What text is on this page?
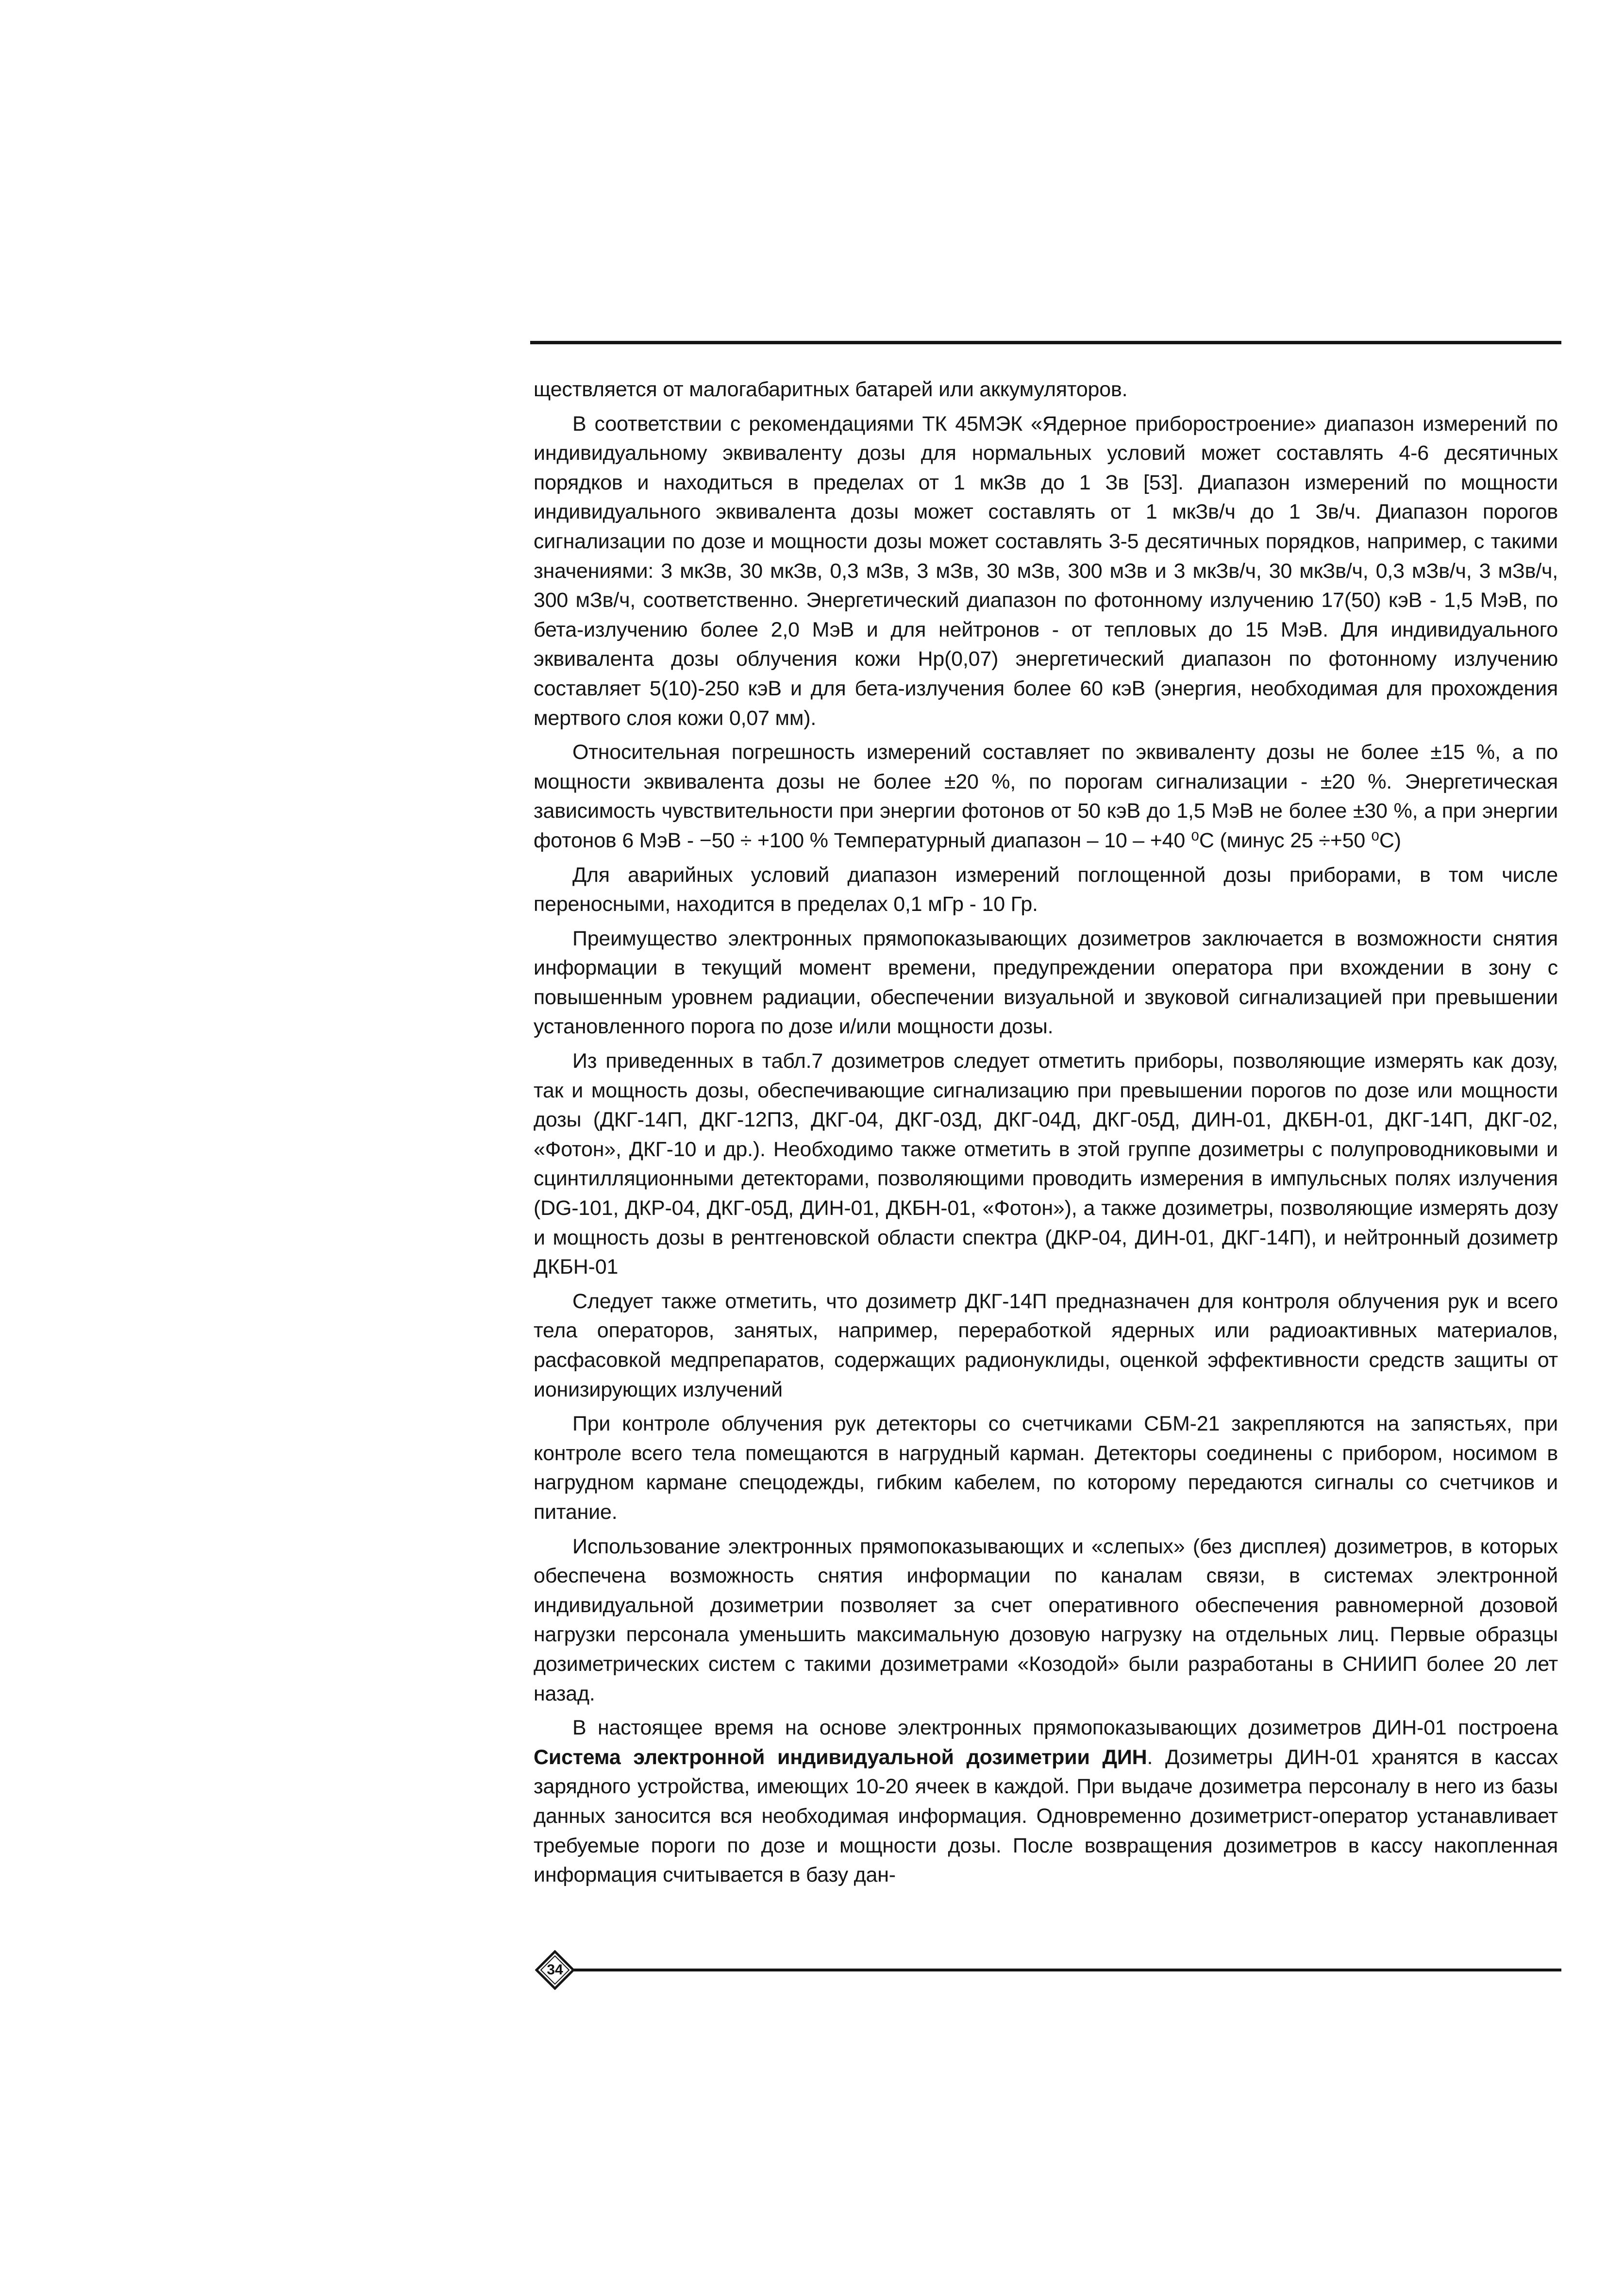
ществляется от малогабаритных батарей или аккумуляторов.

В соответствии с рекомендациями ТК 45МЭК «Ядерное приборостроение» диапазон измерений по индивидуальному эквиваленту дозы для нормальных условий может составлять 4-6 десятичных порядков и находиться в пределах от 1 мкЗв до 1 Зв [53]. Диапазон измерений по мощности индивидуального эквивалента дозы может составлять от 1 мкЗв/ч до 1 Зв/ч. Диапазон порогов сигнализации по дозе и мощности дозы может составлять 3-5 десятичных порядков, например, с такими значениями: 3 мкЗв, 30 мкЗв, 0,3 мЗв, 3 мЗв, 30 мЗв, 300 мЗв и 3 мкЗв/ч, 30 мкЗв/ч, 0,3 мЗв/ч, 3 мЗв/ч, 300 мЗв/ч, соответственно. Энергетический диапазон по фотонному излучению 17(50) кэВ - 1,5 МэВ, по бета-излучению более 2,0 МэВ и для нейтронов - от тепловых до 15 МэВ. Для индивидуального эквивалента дозы облучения кожи Hp(0,07) энергетический диапазон по фотонному излучению составляет 5(10)-250 кэВ и для бета-излучения более 60 кэВ (энергия, необходимая для прохождения мертвого слоя кожи 0,07 мм).

Относительная погрешность измерений составляет по эквиваленту дозы не более ±15 %, а по мощности эквивалента дозы не более ±20 %, по порогам сигнализации - ±20 %. Энергетическая зависимость чувствительности при энергии фотонов от 50 кэВ до 1,5 МэВ не более ±30 %, а при энергии фотонов 6 МэВ - −50 ÷ +100 % Температурный диапазон – 10 – +40 ⁰С (минус 25 ÷+50 ⁰С)

Для аварийных условий диапазон измерений поглощенной дозы приборами, в том числе переносными, находится в пределах 0,1 мГр - 10 Гр.

Преимущество электронных прямопоказывающих дозиметров заключается в возможности снятия информации в текущий момент времени, предупреждении оператора при вхождении в зону с повышенным уровнем радиации, обеспечении визуальной и звуковой сигнализацией при превышении установленного порога по дозе и/или мощности дозы.

Из приведенных в табл.7 дозиметров следует отметить приборы, позволяющие измерять как дозу, так и мощность дозы, обеспечивающие сигнализацию при превышении порогов по дозе или мощности дозы (ДКГ-14П, ДКГ-12П3, ДКГ-04, ДКГ-03Д, ДКГ-04Д, ДКГ-05Д, ДИН-01, ДКБН-01, ДКГ-14П, ДКГ-02, «Фотон», ДКГ-10 и др.). Необходимо также отметить в этой группе дозиметры с полупроводниковыми и сцинтилляционными детекторами, позволяющими проводить измерения в импульсных полях излучения (DG-101, ДКР-04, ДКГ-05Д, ДИН-01, ДКБН-01, «Фотон»), а также дозиметры, позволяющие измерять дозу и мощность дозы в рентгеновской области спектра (ДКР-04, ДИН-01, ДКГ-14П), и нейтронный дозиметр ДКБН-01

Следует также отметить, что дозиметр ДКГ-14П предназначен для контроля облучения рук и всего тела операторов, занятых, например, переработкой ядерных или радиоактивных материалов, расфасовкой медпрепаратов, содержащих радионуклиды, оценкой эффективности средств защиты от ионизирующих излучений

При контроле облучения рук детекторы со счетчиками СБМ-21 закрепляются на запястьях, при контроле всего тела помещаются в нагрудный карман. Детекторы соединены с прибором, носимом в нагрудном кармане спецодежды, гибким кабелем, по которому передаются сигналы со счетчиков и питание.

Использование электронных прямопоказывающих и «слепых» (без дисплея) дозиметров, в которых обеспечена возможность снятия информации по каналам связи, в системах электронной индивидуальной дозиметрии позволяет за счет оперативного обеспечения равномерной дозовой нагрузки персонала уменьшить максимальную дозовую нагрузку на отдельных лиц. Первые образцы дозиметрических систем с такими дозиметрами «Козодой» были разработаны в СНИИП более 20 лет назад.

В настоящее время на основе электронных прямопоказывающих дозиметров ДИН-01 построена Система электронной индивидуальной дозиметрии ДИН. Дозиметры ДИН-01 хранятся в кассах зарядного устройства, имеющих 10-20 ячеек в каждой. При выдаче дозиметра персоналу в него из базы данных заносится вся необходимая информация. Одновременно дозиметрист-оператор устанавливает требуемые пороги по дозе и мощности дозы. После возвращения дозиметров в кассу накопленная информация считывается в базу дан-

34
